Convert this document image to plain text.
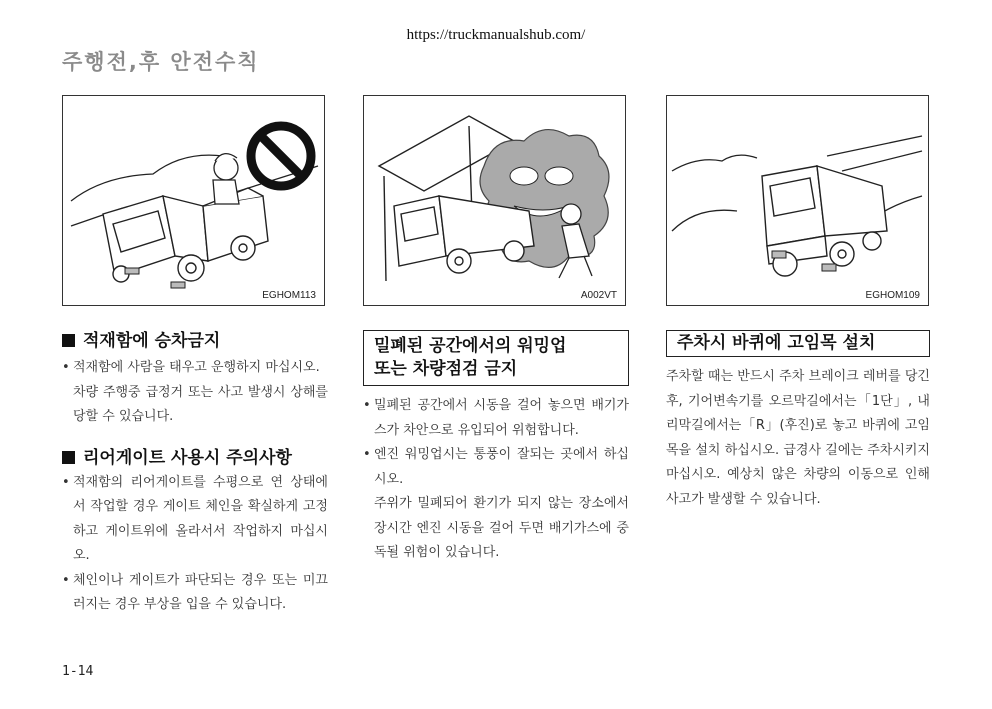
https://truckmanualshub.com/
주행전,후 안전수칙
EGHOM113	A002VT	EGHOM109
적재함에 승차금지
• 적재함에 사람을 태우고 운행하지 마십시오.
차량 주행중 급정거 또는 사고 발생시 상해를 당할 수 있습니다.
리어게이트 사용시 주의사항
• 적재함의 리어게이트를 수평으로 연 상태에서 작업할 경우 게이트 체인을 확실하게 고정하고 게이트위에 올라서서 작업하지 마십시오.
• 체인이나 게이트가 파단되는 경우 또는 미끄러지는 경우 부상을 입을 수 있습니다.
밀폐된 공간에서의 워밍업
또는 차량점검 금지
• 밀폐된 공간에서 시동을 걸어 놓으면 배기가스가 차안으로 유입되어 위험합니다.
• 엔진 워밍업시는 통풍이 잘되는 곳에서 하십시오.
주위가 밀폐되어 환기가 되지 않는 장소에서 장시간 엔진 시동을 걸어 두면 배기가스에 중독될 위험이 있습니다.
주차시 바퀴에 고임목 설치
주차할 때는 반드시 주차 브레이크 레버를 당긴 후, 기어변속기를 오르막길에서는「1단」, 내리막길에서는「R」(후진)로 놓고 바퀴에 고임목을 설치 하십시오. 급경사 길에는 주차시키지 마십시오. 예상치 않은 차량의 이동으로 인해 사고가 발생할 수 있습니다.
1-14
